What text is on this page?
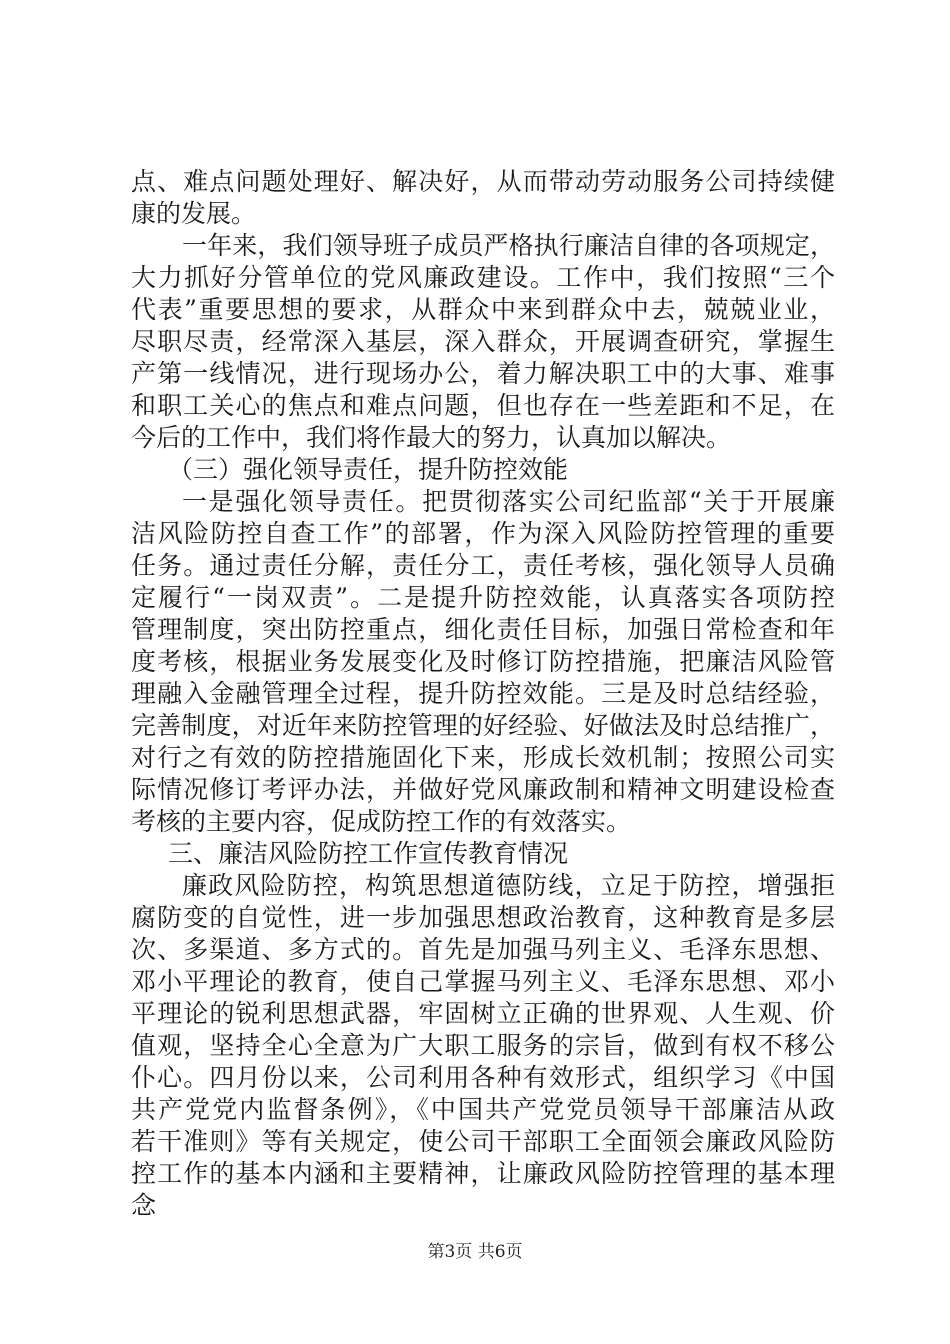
点、难点问题处理好、解决好，从而带动劳动服务公司持续健
康的发展。
一年来，我们领导班子成员严格执行廉洁自律的各项规定，
大力抓好分管单位的党风廉政建设。工作中，我们按照“三个
代表”重要思想的要求，从群众中来到群众中去，兢兢业业，
尽职尽责，经常深入基层，深入群众，开展调查研究，掌握生
产第一线情况，进行现场办公，着力解决职工中的大事、难事
和职工关心的焦点和难点问题，但也存在一些差距和不足，在
今后的工作中，我们将作最大的努力，认真加以解决。
（三）强化领导责任，提升防控效能
一是强化领导责任。把贯彻落实公司纪监部“关于开展廉
洁风险防控自查工作”的部署，作为深入风险防控管理的重要
任务。通过责任分解，责任分工，责任考核，强化领导人员确
定履行“一岗双责”。二是提升防控效能，认真落实各项防控
管理制度，突出防控重点，细化责任目标，加强日常检查和年
度考核，根据业务发展变化及时修订防控措施，把廉洁风险管
理融入金融管理全过程，提升防控效能。三是及时总结经验，
完善制度，对近年来防控管理的好经验、好做法及时总结推广，
对行之有效的防控措施固化下来，形成长效机制；按照公司实
际情况修订考评办法，并做好党风廉政制和精神文明建设检查
考核的主要内容，促成防控工作的有效落实。
三、廉洁风险防控工作宣传教育情况
廉政风险防控，构筑思想道德防线，立足于防控，增强拒
腐防变的自觉性，进一步加强思想政治教育，这种教育是多层
次、多渠道、多方式的。首先是加强马列主义、毛泽东思想、
邓小平理论的教育，使自己掌握马列主义、毛泽东思想、邓小
平理论的锐利思想武器，牢固树立正确的世界观、人生观、价
值观，坚持全心全意为广大职工服务的宗旨，做到有权不移公
仆心。四月份以来，公司利用各种有效形式，组织学习《中国
共产党党内监督条例》，《中国共产党党员领导干部廉洁从政
若干准则》等有关规定，使公司干部职工全面领会廉政风险防
控工作的基本内涵和主要精神，让廉政风险防控管理的基本理
念
第3页 共6页
